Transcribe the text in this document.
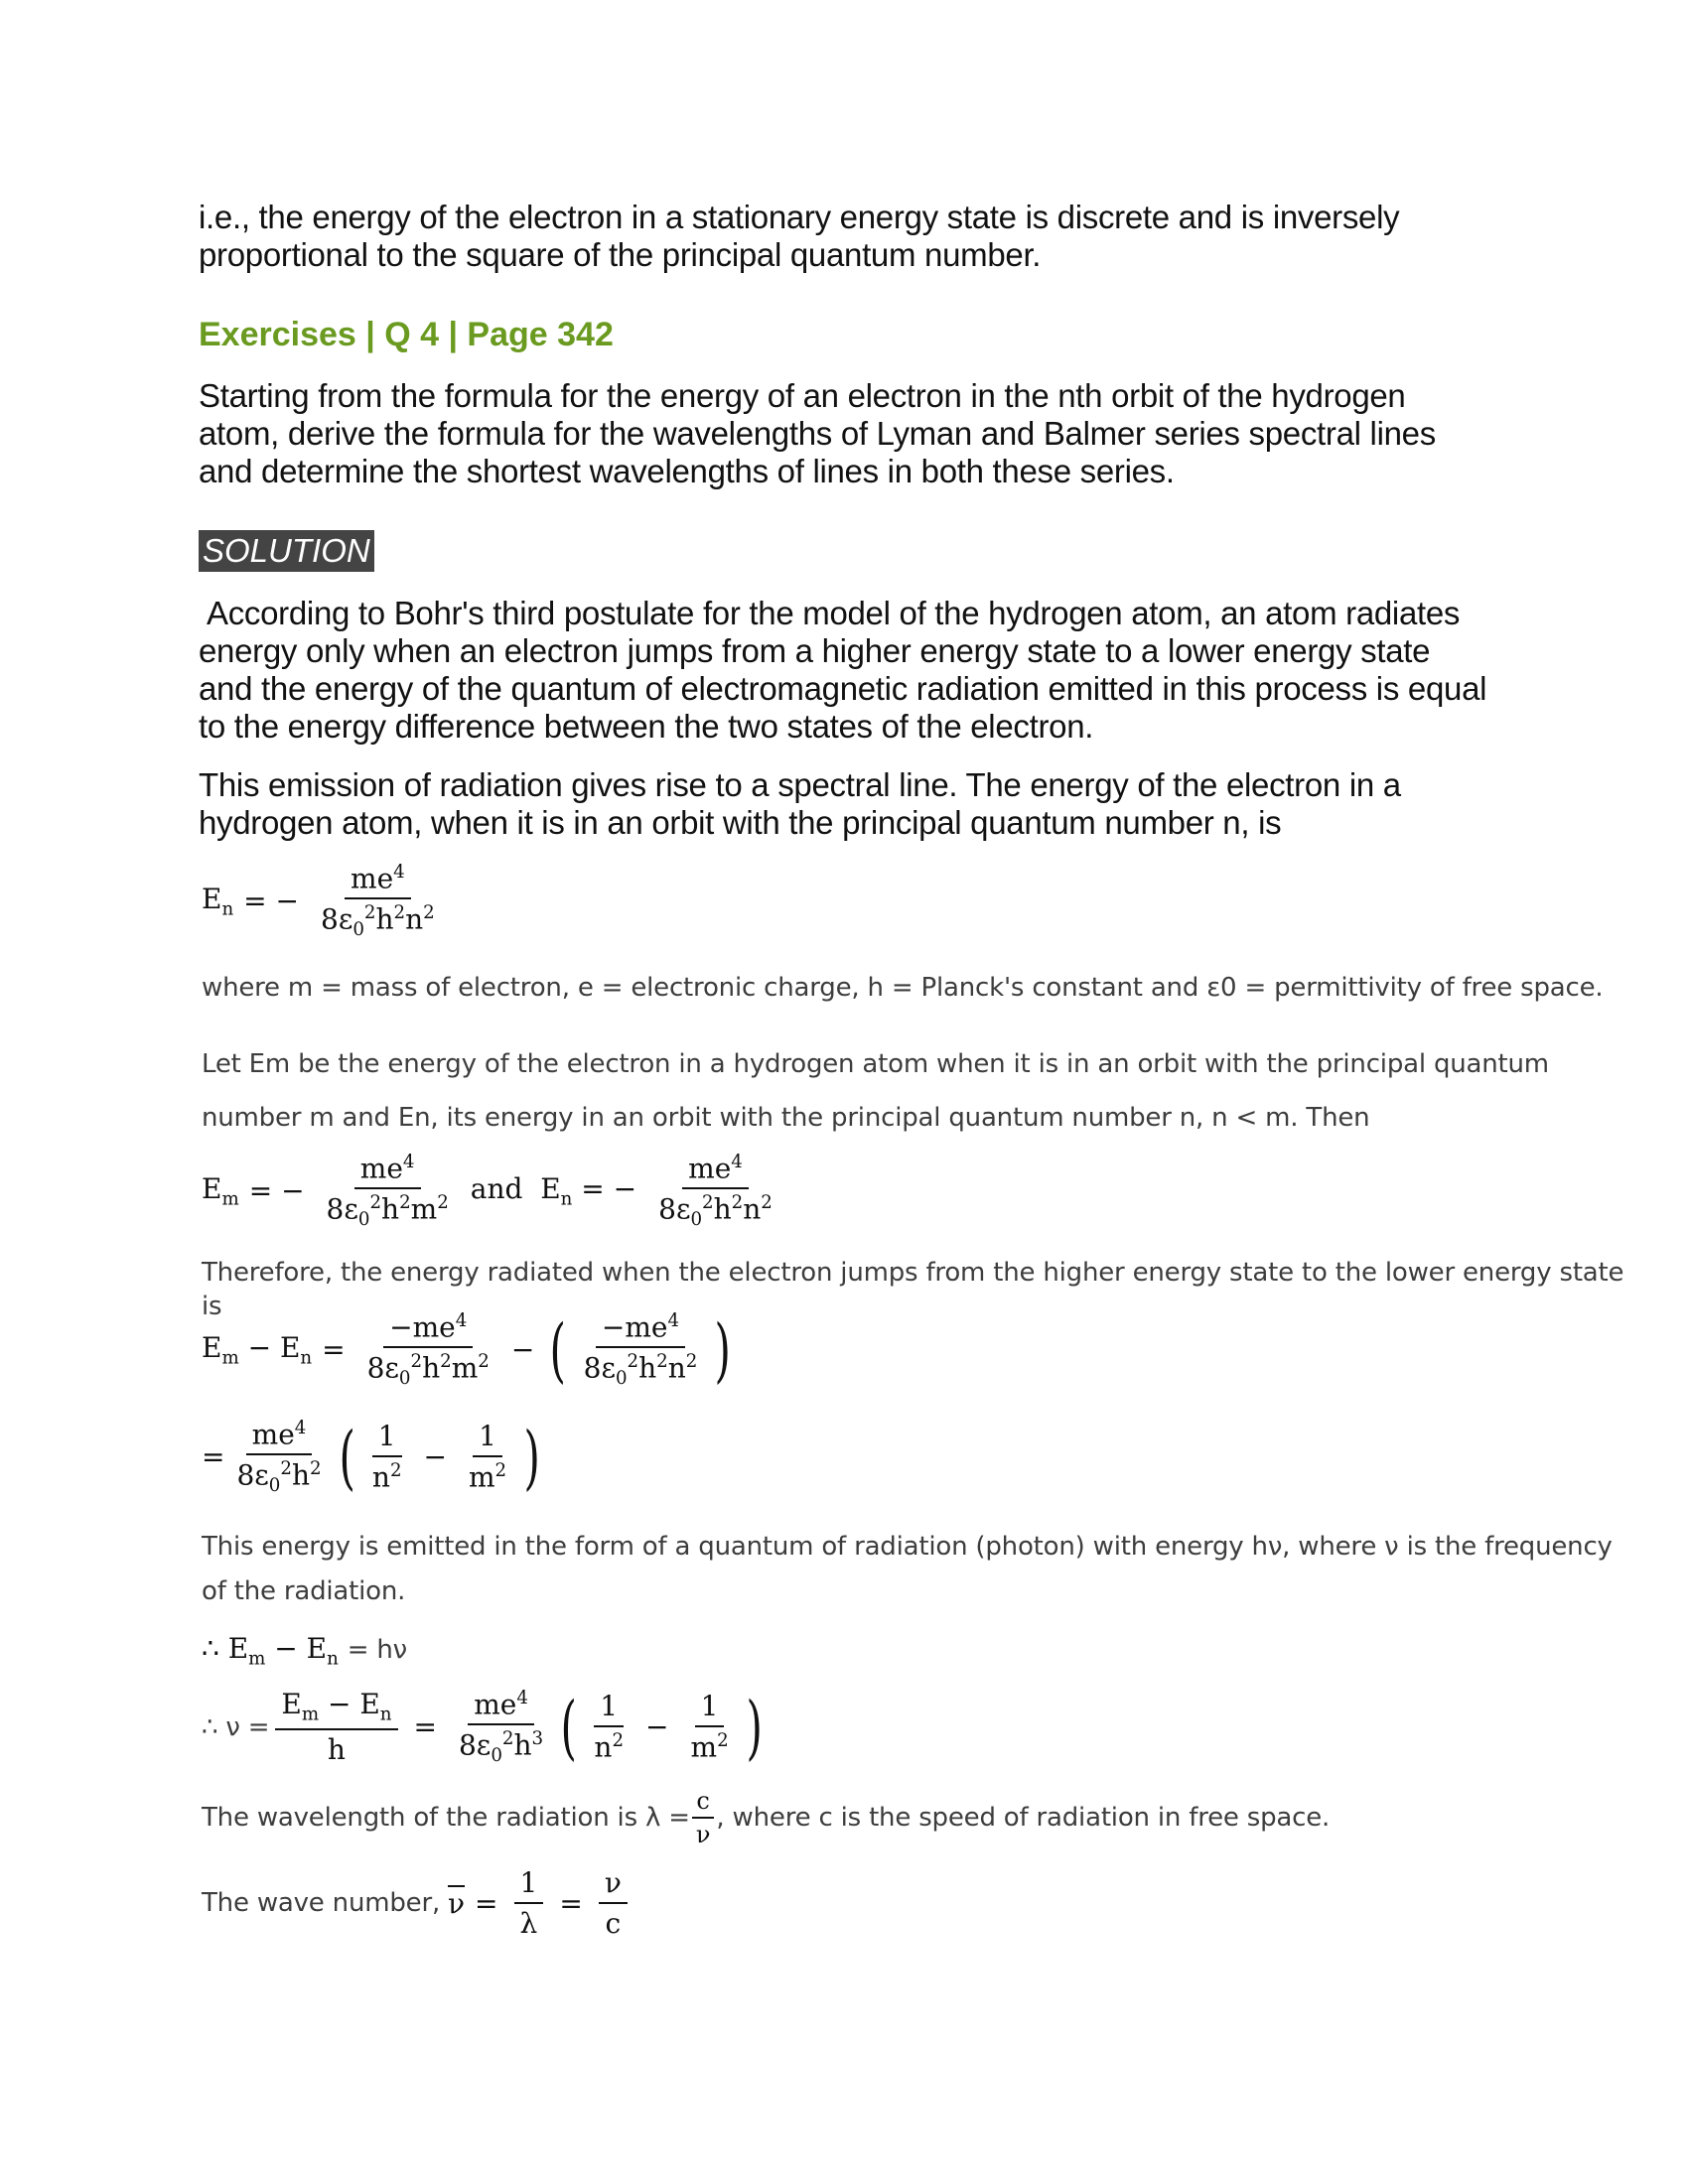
i.e., the energy of the electron in a stationary energy state is discrete and is inversely proportional to the square of the principal quantum number.

Exercises | Q 4 | Page 342

Starting from the formula for the energy of an electron in the nth orbit of the hydrogen atom, derive the formula for the wavelengths of Lyman and Balmer series spectral lines and determine the shortest wavelengths of lines in both these series.

SOLUTION

According to Bohr's third postulate for the model of the hydrogen atom, an atom radiates energy only when an electron jumps from a higher energy state to a lower energy state and the energy of the quantum of electromagnetic radiation emitted in this process is equal to the energy difference between the two states of the electron.

This emission of radiation gives rise to a spectral line. The energy of the electron in a hydrogen atom, when it is in an orbit with the principal quantum number n, is

$E_n$ = − $\frac{me^4}{8\varepsilon_0^2h^2n^2}$
where m = mass of electron, e = electronic charge, h = Planck's constant and ε0 = permittivity of free space.
Let Em be the energy of the electron in a hydrogen atom when it is in an orbit with the principal quantum number m and En, its energy in an orbit with the principal quantum number n, n < m. Then
$E_m$ = − $\frac{me^4}{8\varepsilon_0^2h^2m^2}$ and  $E_n$ = − $\frac{me^4}{8\varepsilon_0^2h^2n^2}$
Therefore, the energy radiated when the electron jumps from the higher energy state to the lower energy state is
$E_m - E_n = \frac{-me^4}{8\varepsilon_0^2h^2m^2}$ − ( $\frac{-me^4}{8\varepsilon_0^2h^2n^2}$ )
= $\frac{me^4}{8\varepsilon_0^2h^2}$ ( $\frac{1}{n^2} - \frac{1}{m^2}$ )
This energy is emitted in the form of a quantum of radiation (photon) with energy hν, where ν is the frequency of the radiation.
∴ $E_m - E_n = h\nu$
∴ $\nu = \frac{E_m - E_n}{h} = \frac{me^4}{8\varepsilon_0^2h^3}$ ( $\frac{1}{n^2} - \frac{1}{m^2}$ )
The wavelength of the radiation is $\lambda = \frac{c}{\nu}$ , where c is the speed of radiation in free space.
The wave number, $\overline{\nu} = \frac{1}{\lambda} = \frac{\nu}{c}$
